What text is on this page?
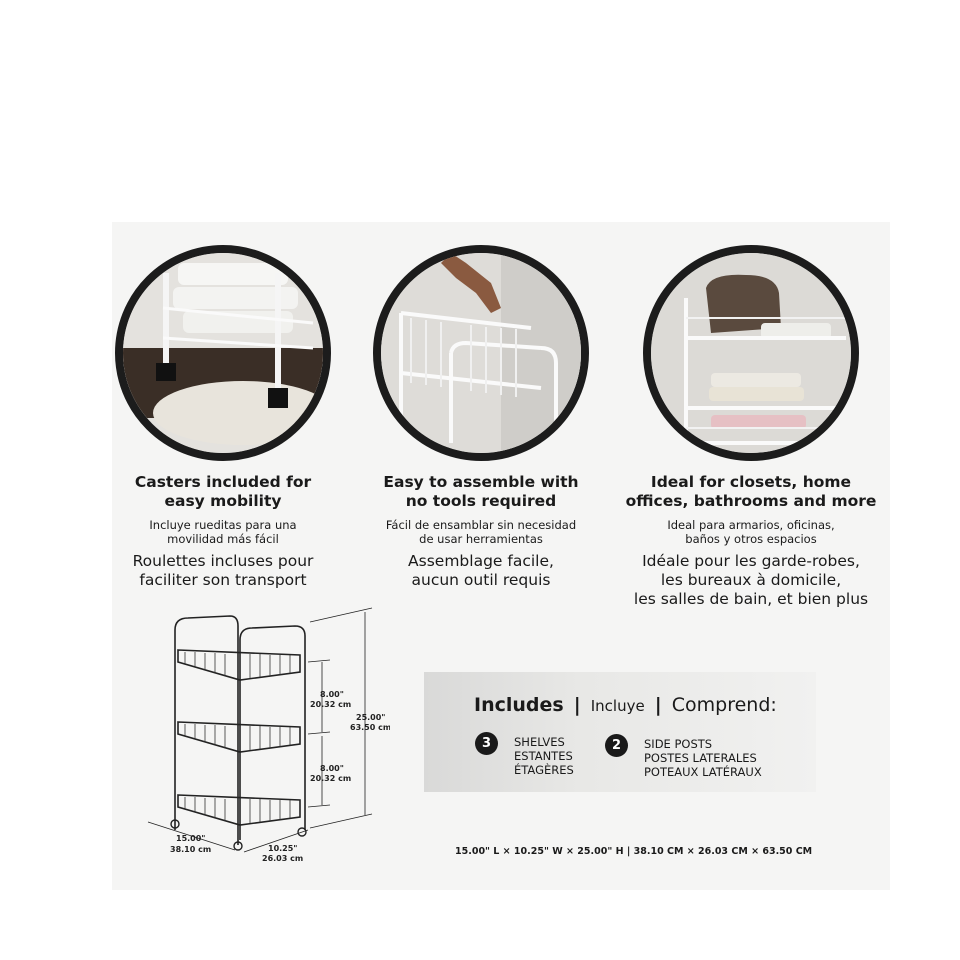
Casters included for
easy mobility
Incluye rueditas para una
movilidad más fácil
Roulettes incluses pour
faciliter son transport
Easy to assemble with
no tools required
Fácil de ensamblar sin necesidad
de usar herramientas
Assemblage facile,
aucun outil requis
Ideal for closets, home
offices, bathrooms and more
Ideal para armarios, oficinas,
baños y otros espacios
Idéale pour les garde-robes,
les bureaux à domicile,
les salles de bain, et bien plus
8.00"
20.32 cm
8.00"
20.32 cm
25.00"
63.50 cm
15.00"
38.10 cm	10.25"
26.03 cm
Includes | Incluye | Comprend:
3	SHELVES
ESTANTES
ÉTAGÈRES
2	SIDE POSTS
POSTES LATERALES
POTEAUX LATÉRAUX
15.00" L × 10.25" W × 25.00" H | 38.10 CM × 26.03 CM × 63.50 CM
